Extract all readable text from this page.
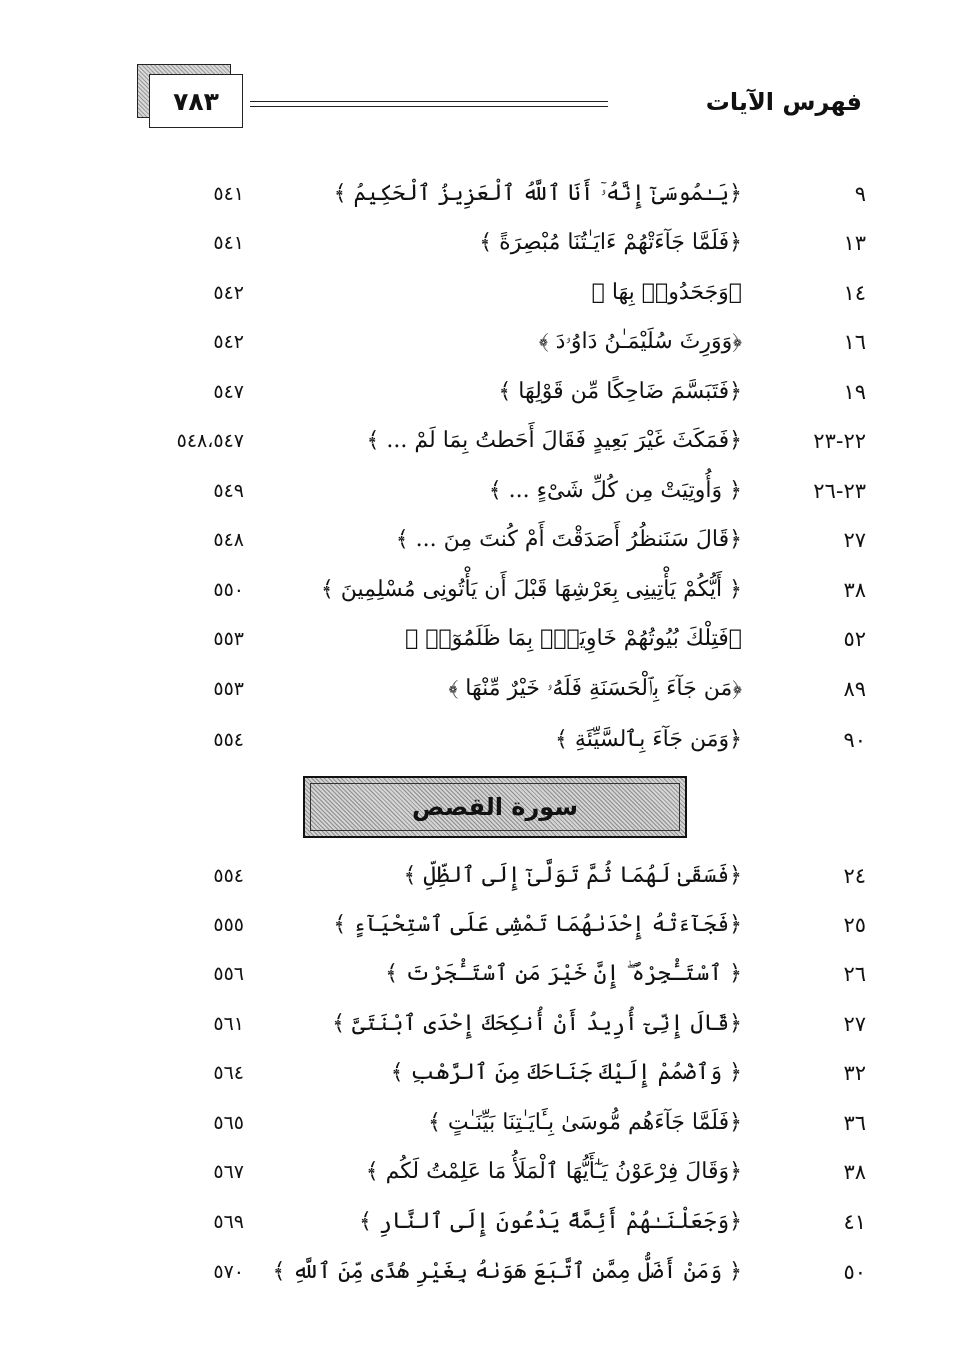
٧٨٣	فهرس الآيات
٩
﴿يَـٰمُوسَىٰٓ إِنَّهُۥٓ أَنَا ٱللَّهُ ٱلْعَزِيزُ ٱلْحَكِيمُ ﴾
٥٤١
١٣
﴿فَلَمَّا جَآءَتْهُمْ ءَايَـٰتُنَا مُبْصِرَةً ﴾
٥٤١
١٤
﴿وَجَحَدُوا۟ بِهَا ﴾
٥٤٢
١٦
﴿وَوَرِثَ سُلَيْمَـٰنُ دَاوُۥدَ ﴾
٥٤٢
١٩
﴿فَتَبَسَّمَ ضَاحِكًا مِّن قَوْلِهَا ﴾
٥٤٧
٢٢-٢٣
﴿فَمَكَثَ غَيْرَ بَعِيدٍ فَقَالَ أَحَطتُ بِمَا لَمْ ... ﴾
٥٤٨،٥٤٧
٢٣-٢٦
﴿ وَأُوتِيَتْ مِن كُلِّ شَىْءٍ ... ﴾
٥٤٩
٢٧
﴿قَالَ سَنَنظُرُ أَصَدَقْتَ أَمْ كُنتَ مِنَ ... ﴾
٥٤٨
٣٨
﴿ أَيُّكُمْ يَأْتِينِى بِعَرْشِهَا قَبْلَ أَن يَأْتُونِى مُسْلِمِينَ ﴾
٥٥٠
٥٢
﴿فَتِلْكَ بُيُوتُهُمْ خَاوِيَةًۢ بِمَا ظَلَمُوٓا۟ ﴾
٥٥٣
٨٩
﴿مَن جَآءَ بِٱلْحَسَنَةِ فَلَهُۥ خَيْرٌ مِّنْهَا ﴾
٥٥٣
٩٠
﴿وَمَن جَآءَ بِٱلسَّيِّئَةِ ﴾
٥٥٤
سورة القصص
٢٤
﴿فَسَقَىٰ لَهُمَا ثُمَّ تَوَلَّىٰٓ إِلَى ٱلظِّلِّ ﴾
٥٥٤
٢٥
﴿فَجَآءَتْهُ إِحْدَىٰهُمَا تَمْشِى عَلَى ٱسْتِحْيَآءٍ ﴾
٥٥٥
٢٦
﴿ ٱسْتَـْٔجِرْهُ ۖ إِنَّ خَيْرَ مَنِ ٱسْتَـْٔجَرْتَ ﴾
٥٥٦
٢٧
﴿قَالَ إِنِّىٓ أُرِيدُ أَنْ أُنكِحَكَ إِحْدَى ٱبْنَتَىَّ ﴾
٥٦١
٣٢
﴿ وَٱضْمُمْ إِلَيْكَ جَنَاحَكَ مِنَ ٱلرَّهْبِ ﴾
٥٦٤
٣٦
﴿فَلَمَّا جَآءَهُم مُّوسَىٰ بِـَٔايَـٰتِنَا بَيِّنَـٰتٍ ﴾
٥٦٥
٣٨
﴿وَقَالَ فِرْعَوْنُ يَـٰٓأَيُّهَا ٱلْمَلَأُ مَا عَلِمْتُ لَكُم ﴾
٥٦٧
٤١
﴿وَجَعَلْنَـٰهُمْ أَئِمَّةً يَدْعُونَ إِلَى ٱلنَّارِ ﴾
٥٦٩
٥٠
﴿ وَمَنْ أَضَلُّ مِمَّنِ ٱتَّبَعَ هَوَىٰهُ بِغَيْرِ هُدًى مِّنَ ٱللَّهِ ﴾
٥٧٠
